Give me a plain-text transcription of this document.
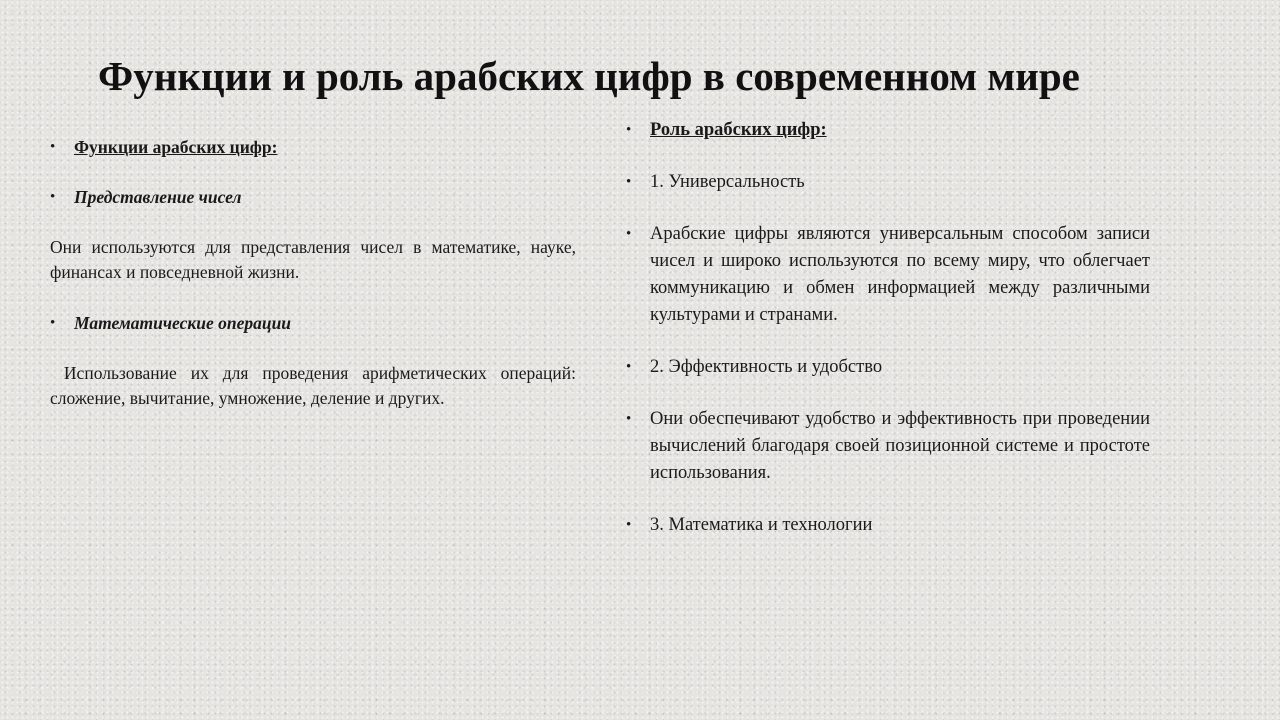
Функции и роль арабских цифр в современном мире
• Функции арабских цифр:
• Представление чисел
Они используются для представления чисел в математике, науке, финансах и повседневной жизни.
• Математические операции
Использование их для проведения арифметических операций: сложение, вычитание, умножение, деление и других.
• Роль арабских цифр:
• 1. Универсальность
• Арабские цифры являются универсальным способом записи чисел и широко используются по всему миру, что облегчает коммуникацию и обмен информацией между различными культурами и странами.
• 2. Эффективность и удобство
• Они обеспечивают удобство и эффективность при проведении вычислений благодаря своей позиционной системе и простоте использования.
• 3. Математика и технологии
